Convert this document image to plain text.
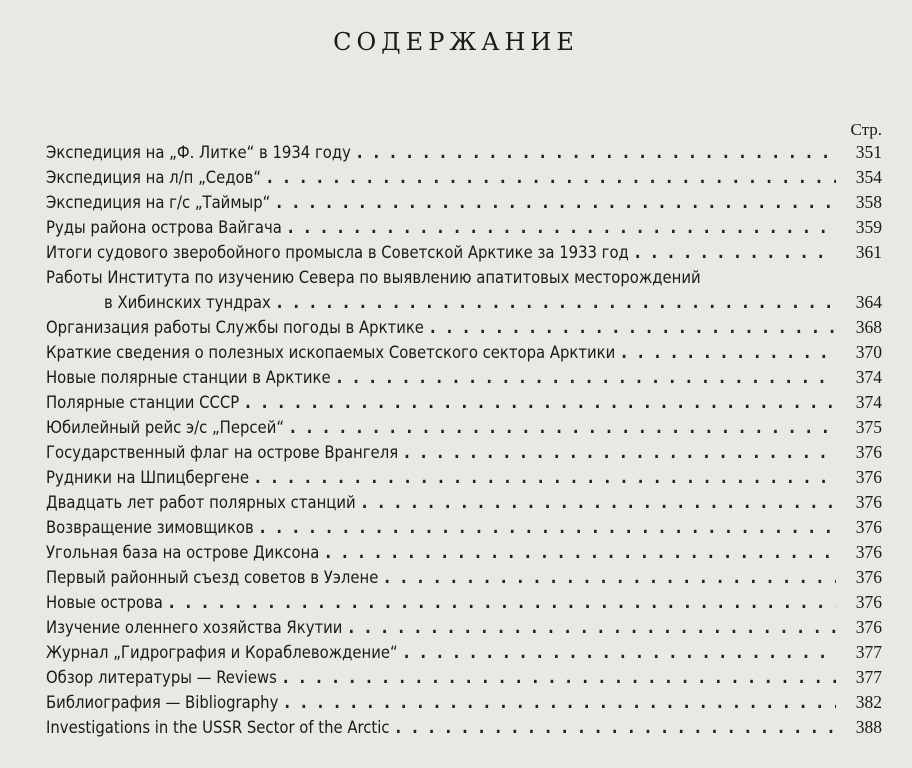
СОДЕРЖАНИЕ
Стр.
Экспедиция на „Ф. Литке“ в 1934 году .....	351
Экспедиция на л/п „Седов“ .....	354
Экспедиция на г/с „Таймыр“ .....	358
Руды района острова Вайгача .....	359
Итоги судового зверобойного промысла в Советской Арктике за 1933 год .....	361
Работы Института по изучению Севера по выявлению апатитовых месторождений
в Хибинских тундрах .....	364
Организация работы Службы погоды в Арктике .....	368
Краткие сведения о полезных ископаемых Советского сектора Арктики .....	370
Новые полярные станции в Арктике .....	374
Полярные станции СССР .....	374
Юбилейный рейс э/с „Персей“ .....	375
Государственный флаг на острове Врангеля .....	376
Рудники на Шпицбергене .....	376
Двадцать лет работ полярных станций .....	376
Возвращение зимовщиков .....	376
Угольная база на острове Диксона .....	376
Первый районный съезд советов в Уэлене .....	376
Новые острова .....	376
Изучение оленнего хозяйства Якутии .....	376
Журнал „Гидрография и Кораблевождение“ .....	377
Обзор литературы — Reviews .....	377
Библиография — Bibliography .....	382
Investigations in the USSR Sector of the Arctic .....	388
